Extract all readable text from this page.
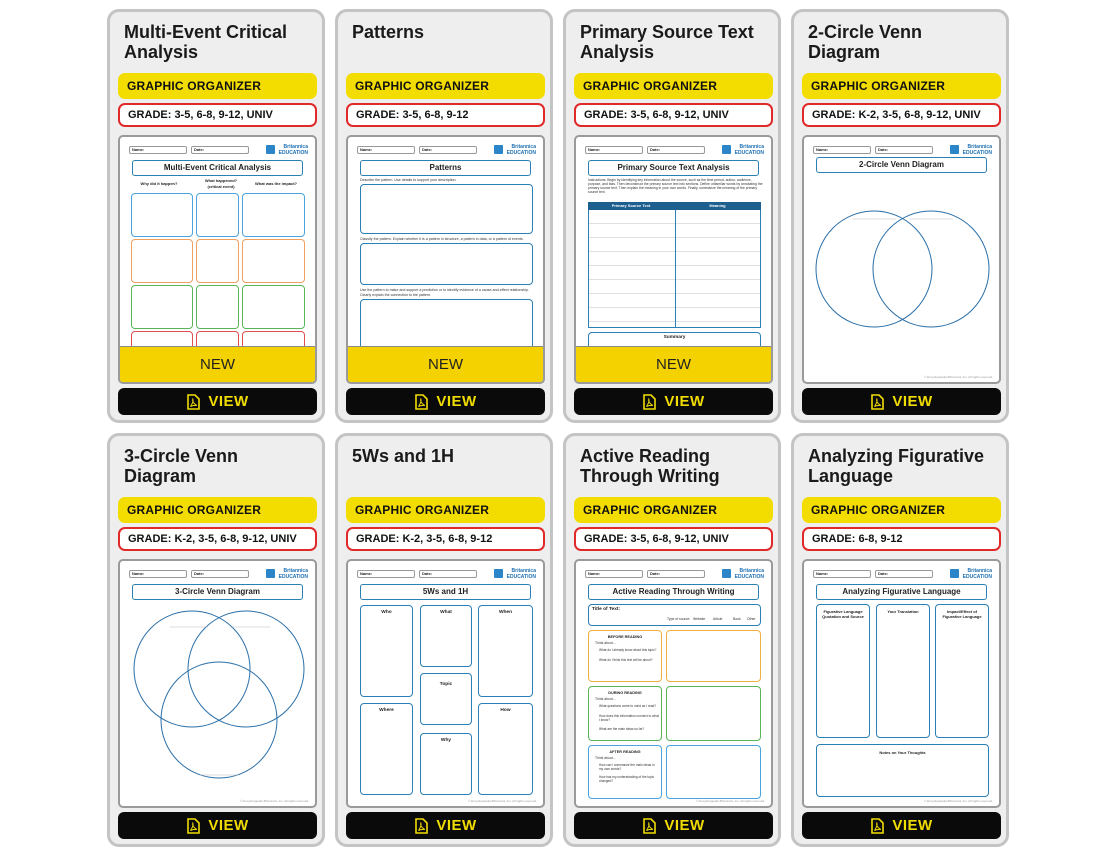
Multi-Event Critical
Analysis
GRAPHIC ORGANIZER
GRADE: 3-5, 6-8, 9-12, UNIV
Name:	Date:	Britannica
EDUCATION
Multi-Event Critical Analysis
Why did it happen?
What happened?
(critical event)
What was the impact?
NEW
VIEW
Patterns
GRAPHIC ORGANIZER
GRADE: 3-5, 6-8, 9-12
Name:	Date:	Britannica
EDUCATION
Patterns
Describe the pattern. Use details to support your description.
Classify the pattern. Explain whether it is a pattern in structure, a pattern in data, or a pattern of events.
Use the pattern to make and support a prediction or to identify evidence of a cause-and-effect relationship. Clearly explain the connection to the pattern.
NEW
VIEW
Primary Source Text
Analysis
GRAPHIC ORGANIZER
GRADE: 3-5, 6-8, 9-12, UNIV
Name:	Date:	Britannica
EDUCATION
Primary Source Text Analysis
Instructions: Begin by identifying key information about the source, such as the time period, author, audience, purpose, and bias. Then deconstruct the primary source text into sections. Define unfamiliar words by annotating the primary source text. Then explain the meaning in your own words. Finally, summarize the meaning of the primary source text.
Primary Source Text	Meaning
Summary
NEW
VIEW
2-Circle Venn
Diagram
GRAPHIC ORGANIZER
GRADE: K-2, 3-5, 6-8, 9-12, UNIV
Name:	Date:	Britannica
EDUCATION
2-Circle Venn Diagram
© Encyclopaedia Britannica, Inc. All rights reserved.
VIEW
3-Circle Venn
Diagram
GRAPHIC ORGANIZER
GRADE: K-2, 3-5, 6-8, 9-12, UNIV
Name:	Date:	Britannica
EDUCATION
3-Circle Venn Diagram
© Encyclopaedia Britannica, Inc. All rights reserved.
VIEW
5Ws and 1H
GRAPHIC ORGANIZER
GRADE: K-2, 3-5, 6-8, 9-12
Name:	Date:	Britannica
EDUCATION
5Ws and 1H
Who	What	When
Topic
Where
Why
How
© Encyclopaedia Britannica, Inc. All rights reserved.
VIEW
Active Reading
Through Writing
GRAPHIC ORGANIZER
GRADE: 3-5, 6-8, 9-12, UNIV
Name:	Date:	Britannica
EDUCATION
Active Reading Through Writing
Title of Text:
Type of source: Website Article	Book Other
BEFORE READING
Think about...
What do I already know about this topic?
What do I think this text will be about?
DURING READING
Think about...
What questions come to mind as I read?
How does this information connect to what I know?
What are the main ideas so far?
AFTER READING
Think about...
How can I summarize the main ideas in my own words?
How has my understanding of the topic changed?
© Encyclopaedia Britannica, Inc. All rights reserved.
VIEW
Analyzing Figurative
Language
GRAPHIC ORGANIZER
GRADE: 6-8, 9-12
Name:	Date:	Britannica
EDUCATION
Analyzing Figurative Language
Figurative Language
Quotation and Source
Your Translation	Impact/Effect of
Figurative Language
Notes on Your Thoughts
© Encyclopaedia Britannica, Inc. All rights reserved.
VIEW
